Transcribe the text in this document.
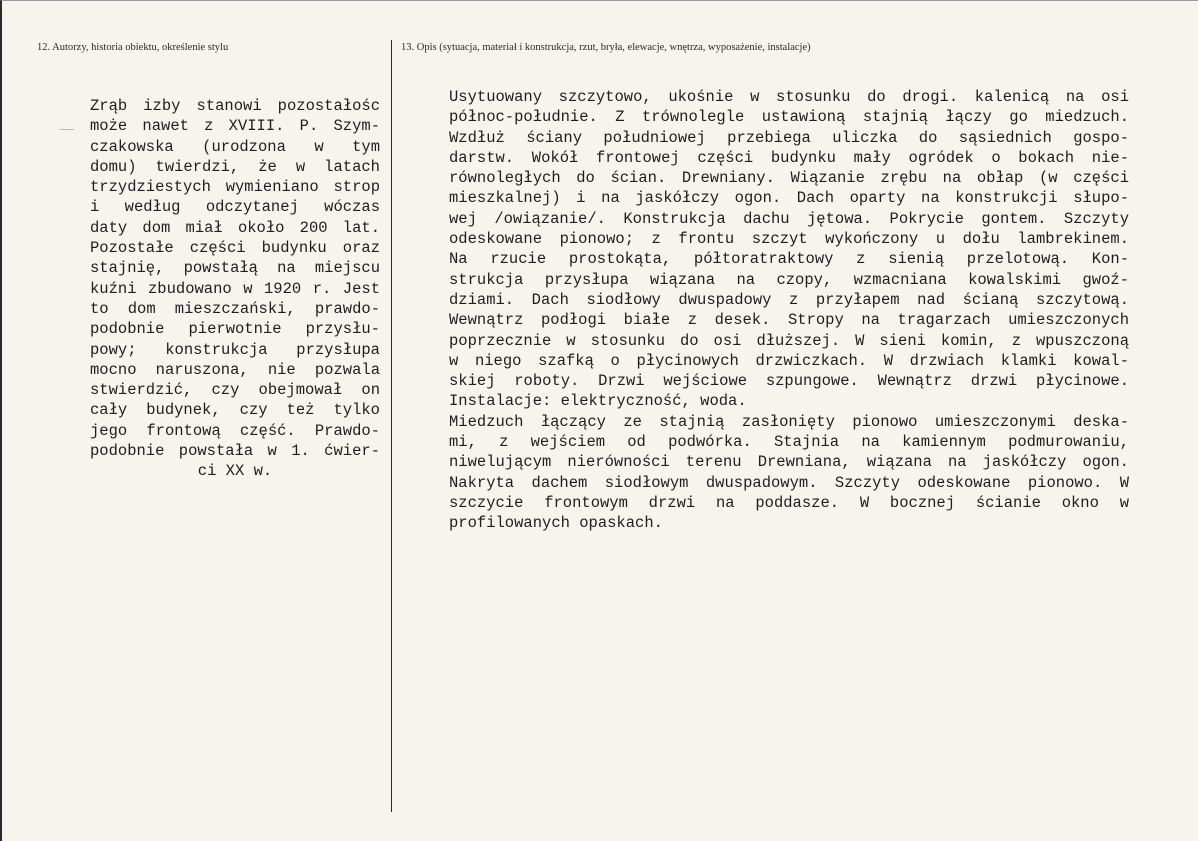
12. Autorzy, historia obiektu, określenie stylu	13. Opis (sytuacja, materiał i konstrukcja, rzut, bryła, elewacje, wnętrza, wyposażenie, instalacje)
Zrąb izby stanowi pozostałośc
może nawet z XVIII. P. Szym-
czakowska (urodzona w tym
domu) twierdzi, że w latach
trzydziestych wymieniano strop
i według odczytanej wóczas
daty dom miał około 200 lat.
Pozostałe części budynku oraz
stajnię, powstałą na miejscu
kuźni zbudowano w 1920 r. Jest
to dom mieszczański, prawdo-
podobnie pierwotnie przysłu-
powy; konstrukcja przysłupa
mocno naruszona, nie pozwala
stwierdzić, czy obejmował on
cały budynek, czy też tylko
jego frontową część. Prawdo-
podobnie powstała w 1. ćwier-
ci XX w.
Usytuowany szczytowo, ukośnie w stosunku do drogi. kalenicą na osi
północ-południe. Z trównolegle ustawioną stajnią łączy go miedzuch.
Wzdłuż ściany południowej przebiega uliczka do sąsiednich gospo-
darstw. Wokół frontowej części budynku mały ogródek o bokach nie-
równoległych do ścian. Drewniany. Wiązanie zrębu na obłap (w części
mieszkalnej) i na jaskółczy ogon. Dach oparty na konstrukcji słupo-
wej /owiązanie/. Konstrukcja dachu jętowa. Pokrycie gontem. Szczyty
odeskowane pionowo; z frontu szczyt wykończony u dołu lambrekinem.
Na rzucie prostokąta, półtoratraktowy z sienią przelotową. Kon-
strukcja przysłupa wiązana na czopy, wzmacniana kowalskimi gwoź-
dziami. Dach siodłowy dwuspadowy z przyłapem nad ścianą szczytową.
Wewnątrz podłogi białe z desek. Stropy na tragarzach umieszczonych
poprzecznie w stosunku do osi dłuższej. W sieni komin, z wpuszczoną
w niego szafką o płycinowych drzwiczkach. W drzwiach klamki kowal-
skiej roboty. Drzwi wejściowe szpungowe. Wewnątrz drzwi płycinowe.
Instalacje: elektryczność, woda.
Miedzuch łączący ze stajnią zasłonięty pionowo umieszczonymi deska-
mi, z wejściem od podwórka. Stajnia na kamiennym podmurowaniu,
niwelującym nierówności terenu Drewniana, wiązana na jaskółczy ogon.
Nakryta dachem siodłowym dwuspadowym. Szczyty odeskowane pionowo. W
szczycie frontowym drzwi na poddasze. W bocznej ścianie okno w
profilowanych opaskach.
